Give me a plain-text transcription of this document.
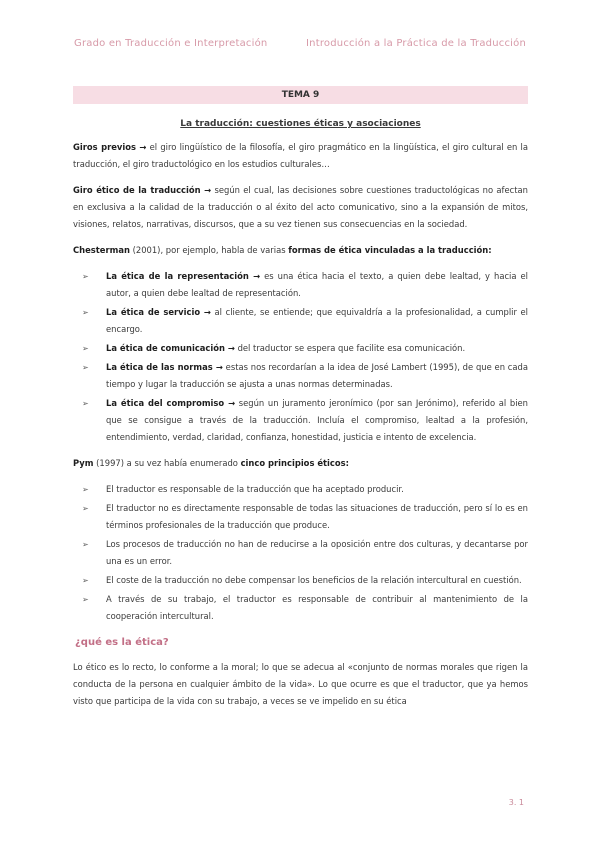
Grado en Traducción e Interpretación	Introducción a la Práctica de la Traducción
TEMA 9
La traducción: cuestiones éticas y asociaciones

Giros previos → el giro lingüístico de la filosofía, el giro pragmático en la lingüística, el giro cultural en la traducción, el giro traductológico en los estudios culturales…

Giro ético de la traducción → según el cual, las decisiones sobre cuestiones traductológicas no afectan en exclusiva a la calidad de la traducción o al éxito del acto comunicativo, sino a la expansión de mitos, visiones, relatos, narrativas, discursos, que a su vez tienen sus consecuencias en la sociedad.

Chesterman (2001), por ejemplo, habla de varias formas de ética vinculadas a la traducción:

➢ La ética de la representación → es una ética hacia el texto, a quien debe lealtad, y hacia el autor, a quien debe lealtad de representación.
➢ La ética de servicio → al cliente, se entiende; que equivaldría a la profesionalidad, a cumplir el encargo.
➢ La ética de comunicación → del traductor se espera que facilite esa comunicación.
➢ La ética de las normas → estas nos recordarían a la idea de José Lambert (1995), de que en cada tiempo y lugar la traducción se ajusta a unas normas determinadas.
➢ La ética del compromiso → según un juramento jeronímico (por san Jerónimo), referido al bien que se consigue a través de la traducción. Incluía el compromiso, lealtad a la profesión, entendimiento, verdad, claridad, confianza, honestidad, justicia e intento de excelencia.

Pym (1997) a su vez había enumerado cinco principios éticos:

➢ El traductor es responsable de la traducción que ha aceptado producir.
➢ El traductor no es directamente responsable de todas las situaciones de traducción, pero sí lo es en términos profesionales de la traducción que produce.
➢ Los procesos de traducción no han de reducirse a la oposición entre dos culturas, y decantarse por una es un error.
➢ El coste de la traducción no debe compensar los beneficios de la relación intercultural en cuestión.
➢ A través de su trabajo, el traductor es responsable de contribuir al mantenimiento de la cooperación intercultural.
¿qué es la ética?

Lo ético es lo recto, lo conforme a la moral; lo que se adecua al «conjunto de normas morales que rigen la conducta de la persona en cualquier ámbito de la vida». Lo que ocurre es que el traductor, que ya hemos visto que participa de la vida con su trabajo, a veces se ve impelido en su ética

3. 1
